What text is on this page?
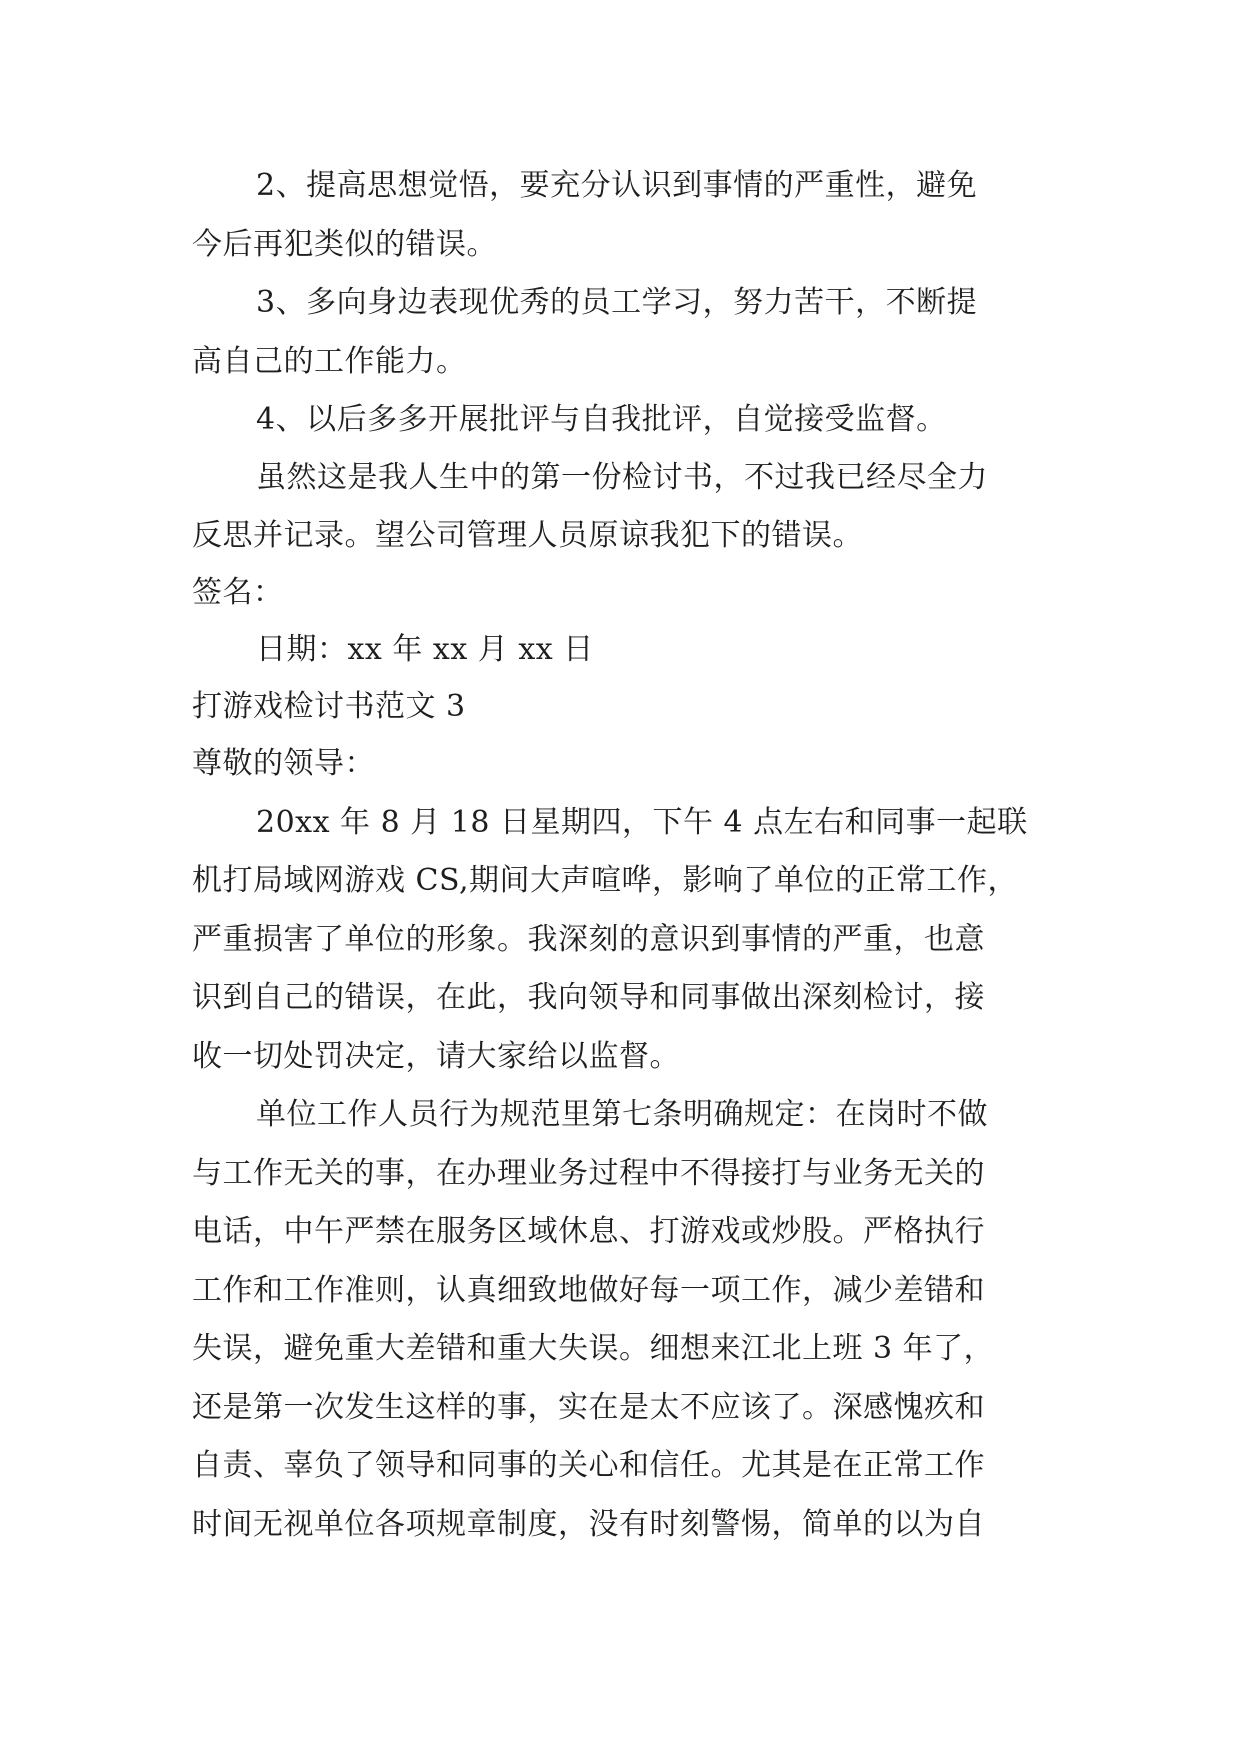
2、提高思想觉悟，要充分认识到事情的严重性，避免
今后再犯类似的错误。
3、多向身边表现优秀的员工学习，努力苦干，不断提
高自己的工作能力。
4、以后多多开展批评与自我批评，自觉接受监督。
虽然这是我人生中的第一份检讨书，不过我已经尽全力
反思并记录。望公司管理人员原谅我犯下的错误。
签名：
日期：xx 年 xx 月 xx 日
打游戏检讨书范文 3
尊敬的领导：
20xx 年 8 月 18 日星期四，下午 4 点左右和同事一起联
机打局域网游戏 CS,期间大声喧哗，影响了单位的正常工作，
严重损害了单位的形象。我深刻的意识到事情的严重，也意
识到自己的错误，在此，我向领导和同事做出深刻检讨，接
收一切处罚决定，请大家给以监督。
单位工作人员行为规范里第七条明确规定：在岗时不做
与工作无关的事，在办理业务过程中不得接打与业务无关的
电话，中午严禁在服务区域休息、打游戏或炒股。严格执行
工作和工作准则，认真细致地做好每一项工作，减少差错和
失误，避免重大差错和重大失误。细想来江北上班 3 年了，
还是第一次发生这样的事，实在是太不应该了。深感愧疚和
自责、辜负了领导和同事的关心和信任。尤其是在正常工作
时间无视单位各项规章制度，没有时刻警惕，简单的以为自
